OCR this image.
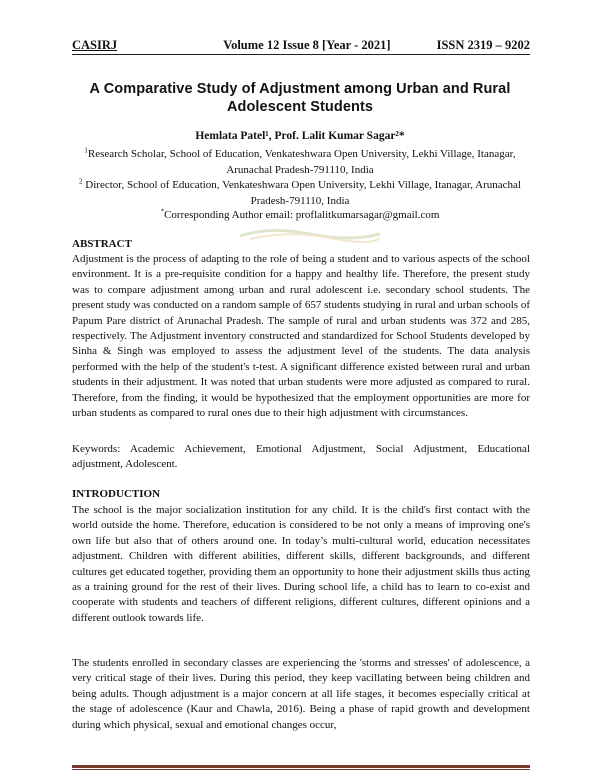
CASIRJ	Volume 12 Issue 8 [Year - 2021]	ISSN 2319 – 9202
A Comparative Study of Adjustment among Urban and Rural Adolescent Students
Hemlata Patel¹, Prof. Lalit Kumar Sagar²*
$^1$Research Scholar, School of Education, Venkateshwara Open University, Lekhi Village, Itanagar, Arunachal Pradesh-791110, India
$^2$ Director, School of Education, Venkateshwara Open University, Lekhi Village, Itanagar, Arunachal Pradesh-791110, India
*Corresponding Author email: proflalitkumarsagar@gmail.com
ABSTRACT
Adjustment is the process of adapting to the role of being a student and to various aspects of the school environment. It is a pre-requisite condition for a happy and healthy life. Therefore, the present study was to compare adjustment among urban and rural adolescent i.e. secondary school students. The present study was conducted on a random sample of 657 students studying in rural and urban schools of Papum Pare district of Arunachal Pradesh. The sample of rural and urban students was 372 and 285, respectively. The Adjustment inventory constructed and standardized for School Students developed by Sinha & Singh was employed to assess the adjustment level of the students. The data analysis performed with the help of the student's t-test. A significant difference existed between rural and urban students in their adjustment. It was noted that urban students were more adjusted as compared to rural. Therefore, from the finding, it would be hypothesized that the employment opportunities are more for urban students as compared to rural ones due to their high adjustment with circumstances.
Keywords: Academic Achievement, Emotional Adjustment, Social Adjustment, Educational adjustment, Adolescent.
INTRODUCTION
The school is the major socialization institution for any child. It is the child's first contact with the world outside the home. Therefore, education is considered to be not only a means of improving one's own life but also that of others around one. In today’s multi-cultural world, education necessitates adjustment. Children with different abilities, different skills, different backgrounds, and different cultures get educated together, providing them an opportunity to hone their adjustment skills thus acting as a training ground for the rest of their lives. During school life, a child has to learn to co-exist and cooperate with students and teachers of different religions, different cultures, different opinions and a different outlook towards life.
The students enrolled in secondary classes are experiencing the 'storms and stresses' of adolescence, a very critical stage of their lives. During this period, they keep vacillating between being children and being adults. Though adjustment is a major concern at all life stages, it becomes especially critical at the stage of adolescence (Kaur and Chawla, 2016). Being a phase of rapid growth and development during which physical, sexual and emotional changes occur,
